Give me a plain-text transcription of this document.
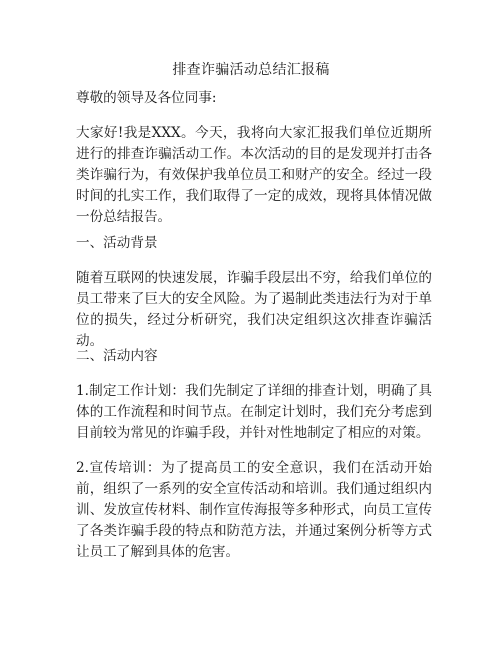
排查诈骗活动总结汇报稿

尊敬的领导及各位同事:

大家好!我是XXX。今天，我将向大家汇报我们单位近期所进行的排查诈骗活动工作。本次活动的目的是发现并打击各类诈骗行为，有效保护我单位员工和财产的安全。经过一段时间的扎实工作，我们取得了一定的成效，现将具体情况做一份总结报告。

一、活动背景

随着互联网的快速发展，诈骗手段层出不穷，给我们单位的员工带来了巨大的安全风险。为了遏制此类违法行为对于单位的损失，经过分析研究，我们决定组织这次排查诈骗活动。

二、活动内容

1.制定工作计划：我们先制定了详细的排查计划，明确了具体的工作流程和时间节点。在制定计划时，我们充分考虑到目前较为常见的诈骗手段，并针对性地制定了相应的对策。

2.宣传培训：为了提高员工的安全意识，我们在活动开始前，组织了一系列的安全宣传活动和培训。我们通过组织内训、发放宣传材料、制作宣传海报等多种形式，向员工宣传了各类诈骗手段的特点和防范方法，并通过案例分析等方式让员工了解到具体的危害。
